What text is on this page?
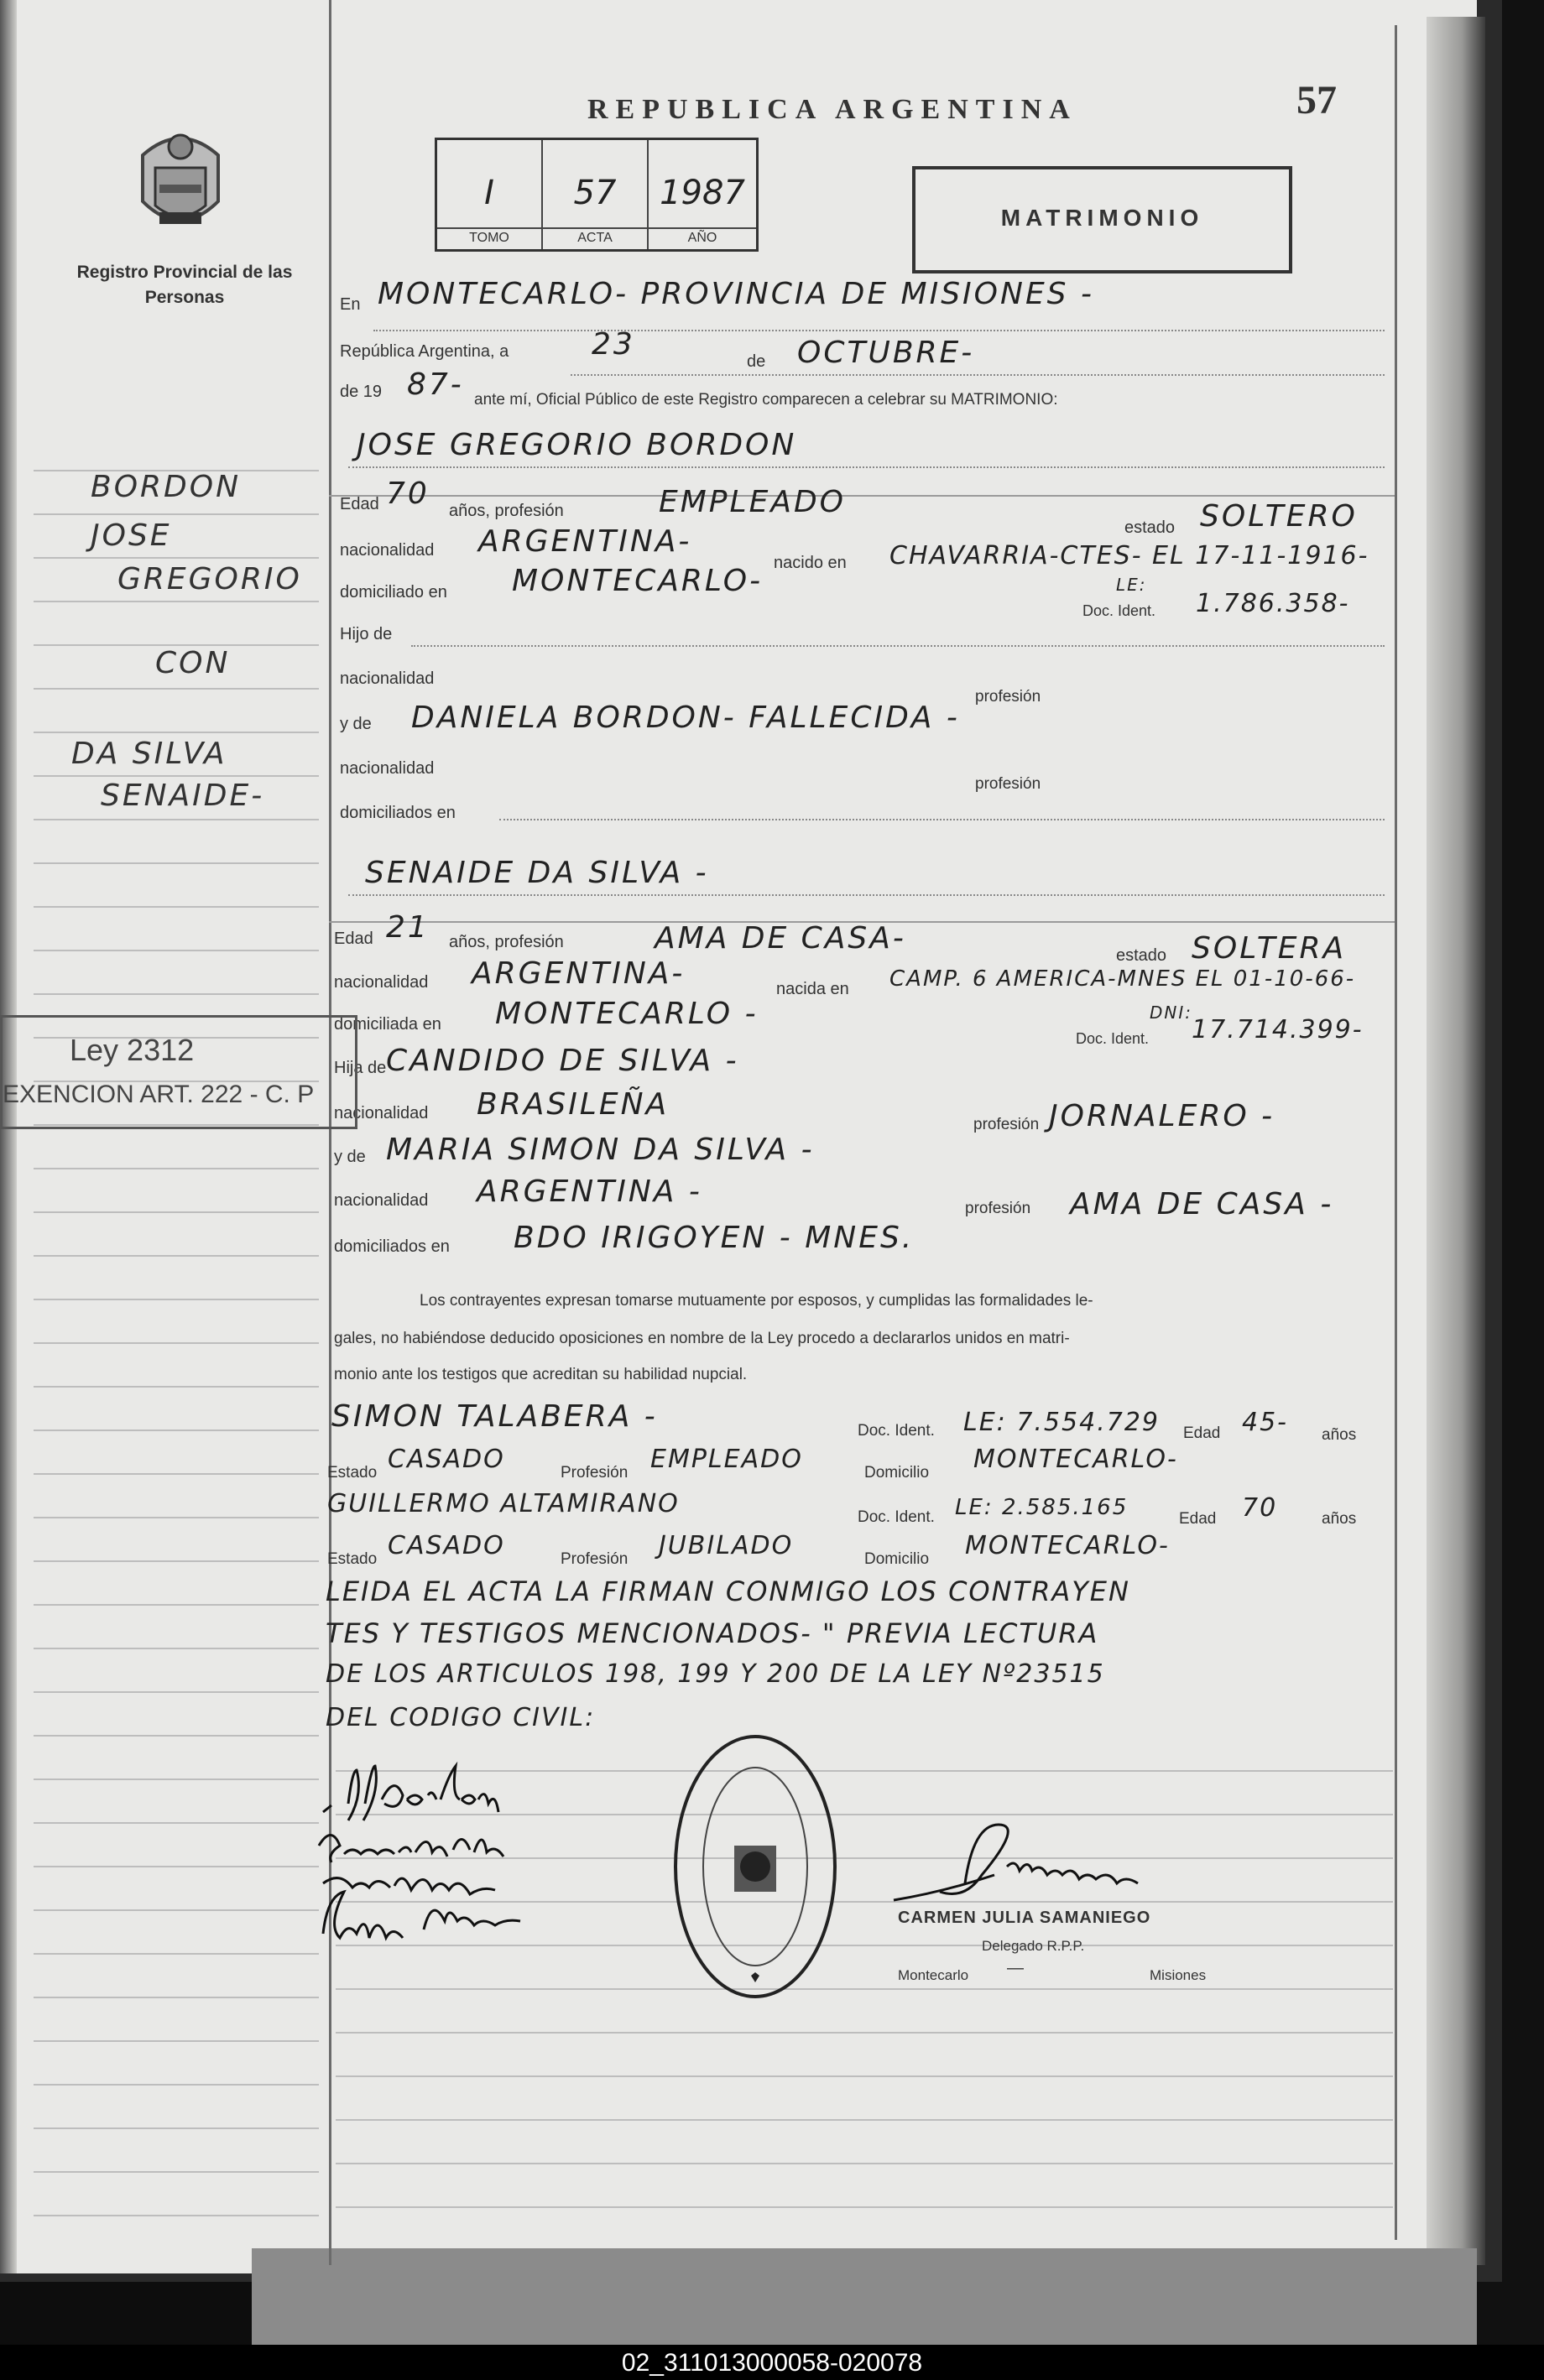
Registro Provincial de las Personas
REPUBLICA ARGENTINA	57
I
TOMO
57
ACTA
1987
AÑO
MATRIMONIO
En MONTECARLO- PROVINCIA DE MISIONES -
República Argentina, a	23	de OCTUBRE-
de 19 87- ante mí, Oficial Público de este Registro comparecen a celebrar su MATRIMONIO:
JOSE GREGORIO BORDON
Edad 70 años, profesión	EMPLEADO
estado SOLTERO
nacionalidad ARGENTINA-
nacido en CHAVARRIA-CTES- EL 17-11-1916-
domiciliado en MONTECARLO-
Doc. Ident.
LE:
1.786.358-
Hijo de
nacionalidad
profesión
y de DANIELA BORDON- FALLECIDA -
nacionalidad
profesión
domiciliados en
SENAIDE DA SILVA -
Edad 21 años, profesión	AMA DE CASA-	estado SOLTERA
nacionalidad ARGENTINA-	nacida en CAMP. 6 AMERICA-MNES EL 01-10-66-
domiciliada en MONTECARLO -
Doc. Ident.
DNI:
17.714.399-
Hija de CANDIDO DE SILVA -
nacionalidad BRASILEÑA
profesión JORNALERO -
y de MARIA SIMON DA SILVA -
nacionalidad ARGENTINA -	profesión AMA DE CASA -
domiciliados en BDO IRIGOYEN - MNES.
Los contrayentes expresan tomarse mutuamente por esposos, y cumplidas las formalidades le-
gales, no habiéndose deducido oposiciones en nombre de la Ley procedo a declararlos unidos en matri-
monio ante los testigos que acreditan su habilidad nupcial.
SIMON TALABERA -	Doc. Ident. LE: 7.554.729 Edad 45- años
Estado CASADO	Profesión EMPLEADO	Domicilio MONTECARLO-
GUILLERMO ALTAMIRANO	Doc. Ident. LE: 2.585.165	Edad 70	años
Estado CASADO	Profesión JUBILADO	Domicilio MONTECARLO-
LEIDA EL ACTA LA FIRMAN CONMIGO LOS CONTRAYEN
TES Y TESTIGOS MENCIONADOS- " PREVIA LECTURA
DE LOS ARTICULOS 198, 199 Y 200 DE LA LEY Nº23515
DEL CODIGO CIVIL:
CARMEN JULIA SAMANIEGO
Delegado R.P.P.
Montecarlo —	Misiones
BORDON
JOSE
GREGORIO
CON
DA SILVA
SENAIDE-
Ley 2312
EXENCION ART. 222 - C. P
02_311013000058-020078
